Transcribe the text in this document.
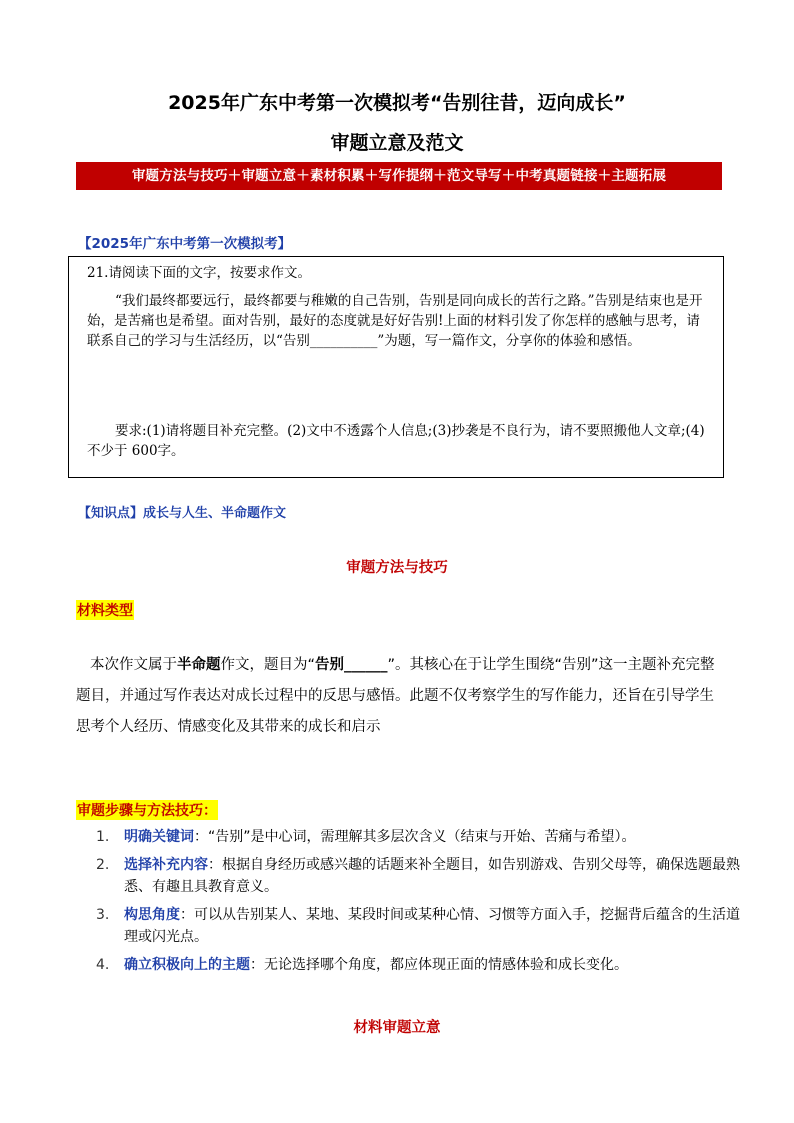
2025年广东中考第一次模拟考“告别往昔，迈向成长”
审题立意及范文
审题方法与技巧＋审题立意＋素材积累＋写作提纲＋范文导写＋中考真题链接＋主题拓展
【2025年广东中考第一次模拟考】

21.请阅读下面的文字，按要求作文。

“我们最终都要远行，最终都要与稚嫩的自己告别，告别是同向成长的苦行之路。”告别是结束也是开始，是苦痛也是希望。面对告别，最好的态度就是好好告别!上面的材料引发了你怎样的感触与思考，请联系自己的学习与生活经历，以“告别__________”为题，写一篇作文，分享你的体验和感悟。

要求:(1)请将题目补充完整。(2)文中不透露个人信息;(3)抄袭是不良行为，请不要照搬他人文章;(4)不少于 600字。

【知识点】成长与人生、半命题作文
审题方法与技巧
材料类型
本次作文属于半命题作文，题目为“告别______”。其核心在于让学生围绕“告别”这一主题补充完整题目，并通过写作表达对成长过程中的反思与感悟。此题不仅考察学生的写作能力，还旨在引导学生思考个人经历、情感变化及其带来的成长和启示
审题步骤与方法技巧：
1. 明确关键词：“告别”是中心词，需理解其多层次含义（结束与开始、苦痛与希望）。
2. 选择补充内容：根据自身经历或感兴趣的话题来补全题目，如告别游戏、告别父母等，确保选题最熟悉、有趣且具教育意义。
3. 构思角度：可以从告别某人、某地、某段时间或某种心情、习惯等方面入手，挖掘背后蕴含的生活道理或闪光点。
4. 确立积极向上的主题：无论选择哪个角度，都应体现正面的情感体验和成长变化。
材料审题立意
